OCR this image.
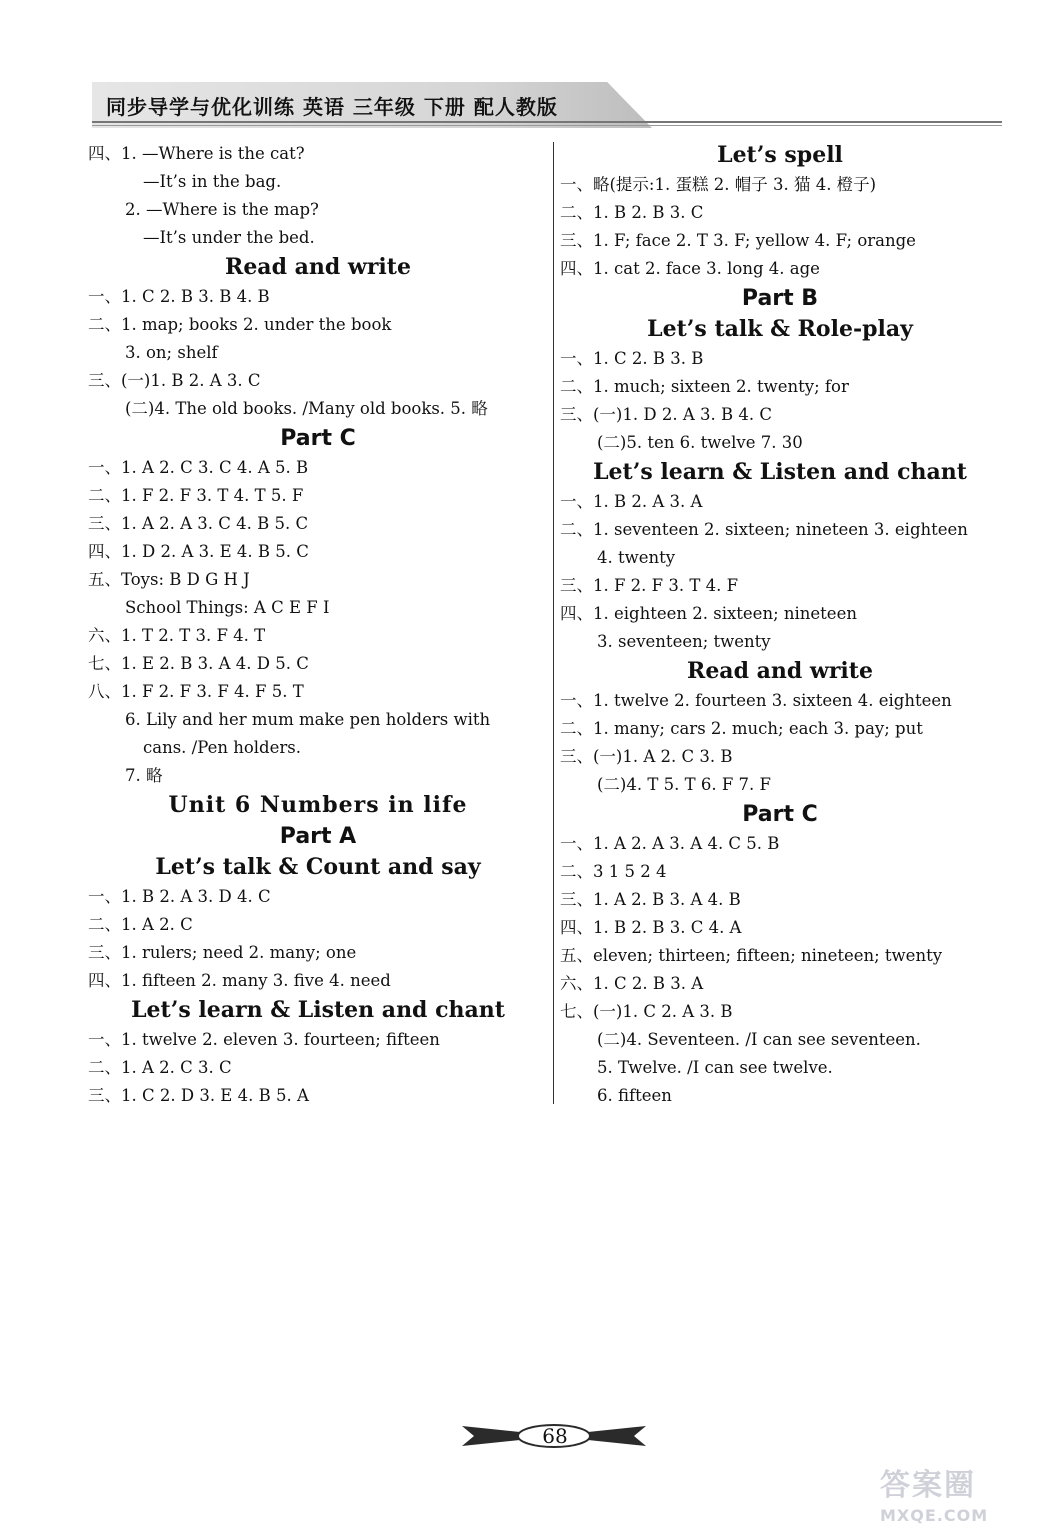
同步导学与优化训练 英语 三年级 下册 配人教版
四、1. —Where is the cat?
—It’s in the bag.
2. —Where is the map?
—It’s under the bed.
Read and write
一、1. C 2. B 3. B 4. B
二、1. map; books 2. under the book
3. on; shelf
三、(一)1. B 2. A 3. C
(二)4. The old books. /Many old books. 5. 略
Part C
一、1. A 2. C 3. C 4. A 5. B
二、1. F 2. F 3. T 4. T 5. F
三、1. A 2. A 3. C 4. B 5. C
四、1. D 2. A 3. E 4. B 5. C
五、Toys: B D G H J
School Things: A C E F I
六、1. T 2. T 3. F 4. T
七、1. E 2. B 3. A 4. D 5. C
八、1. F 2. F 3. F 4. F 5. T
6. Lily and her mum make pen holders with
cans. /Pen holders.
7. 略
Unit 6 Numbers in life
Part A
Let’s talk & Count and say
一、1. B 2. A 3. D 4. C
二、1. A 2. C
三、1. rulers; need 2. many; one
四、1. fifteen 2. many 3. five 4. need
Let’s learn & Listen and chant
一、1. twelve 2. eleven 3. fourteen; fifteen
二、1. A 2. C 3. C
三、1. C 2. D 3. E 4. B 5. A
Let’s spell
一、略(提示:1. 蛋糕 2. 帽子 3. 猫 4. 橙子)
二、1. B 2. B 3. C
三、1. F; face 2. T 3. F; yellow 4. F; orange
四、1. cat 2. face 3. long 4. age
Part B
Let’s talk & Role-play
一、1. C 2. B 3. B
二、1. much; sixteen 2. twenty; for
三、(一)1. D 2. A 3. B 4. C
(二)5. ten 6. twelve 7. 30
Let’s learn & Listen and chant
一、1. B 2. A 3. A
二、1. seventeen 2. sixteen; nineteen 3. eighteen
4. twenty
三、1. F 2. F 3. T 4. F
四、1. eighteen 2. sixteen; nineteen
3. seventeen; twenty
Read and write
一、1. twelve 2. fourteen 3. sixteen 4. eighteen
二、1. many; cars 2. much; each 3. pay; put
三、(一)1. A 2. C 3. B
(二)4. T 5. T 6. F 7. F
Part C
一、1. A 2. A 3. A 4. C 5. B
二、3 1 5 2 4
三、1. A 2. B 3. A 4. B
四、1. B 2. B 3. C 4. A
五、eleven; thirteen; fifteen; nineteen; twenty
六、1. C 2. B 3. A
七、(一)1. C 2. A 3. B
(二)4. Seventeen. /I can see seventeen.
5. Twelve. /I can see twelve.
6. fifteen
68
答案圈
MXQE.COM
